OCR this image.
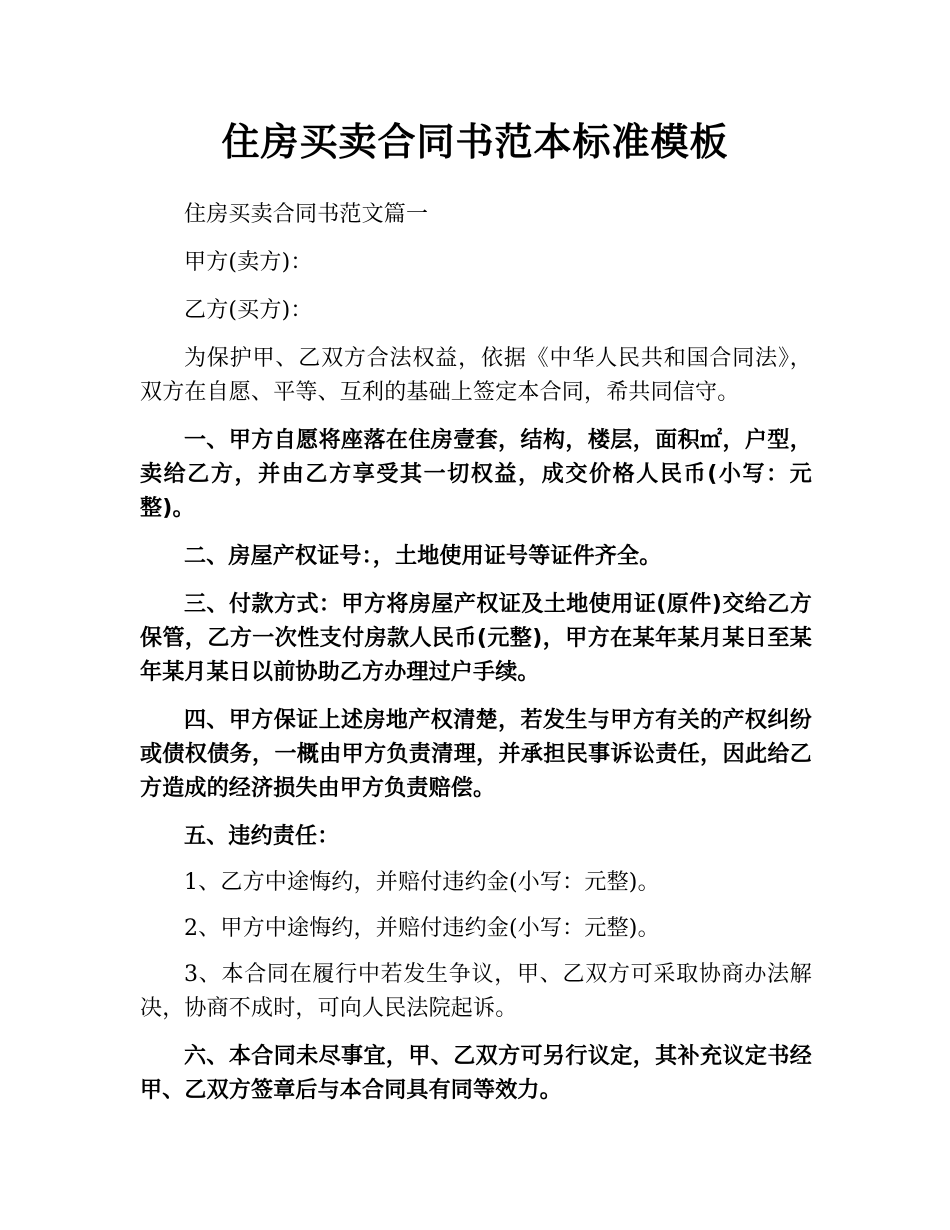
住房买卖合同书范本标准模板

住房买卖合同书范文篇一

甲方(卖方)：

乙方(买方)：

为保护甲、乙双方合法权益，依据《中华人民共和国合同法》，双方在自愿、平等、互利的基础上签定本合同，希共同信守。

一、甲方自愿将座落在住房壹套，结构，楼层，面积㎡，户型，卖给乙方，并由乙方享受其一切权益，成交价格人民币(小写：元整)。

二、房屋产权证号：，土地使用证号等证件齐全。

三、付款方式：甲方将房屋产权证及土地使用证(原件)交给乙方保管，乙方一次性支付房款人民币(元整)，甲方在某年某月某日至某年某月某日以前协助乙方办理过户手续。

四、甲方保证上述房地产权清楚，若发生与甲方有关的产权纠纷或债权债务，一概由甲方负责清理，并承担民事诉讼责任，因此给乙方造成的经济损失由甲方负责赔偿。

五、违约责任：

1、乙方中途悔约，并赔付违约金(小写：元整)。

2、甲方中途悔约，并赔付违约金(小写：元整)。

3、本合同在履行中若发生争议，甲、乙双方可采取协商办法解决，协商不成时，可向人民法院起诉。

六、本合同未尽事宜，甲、乙双方可另行议定，其补充议定书经甲、乙双方签章后与本合同具有同等效力。
